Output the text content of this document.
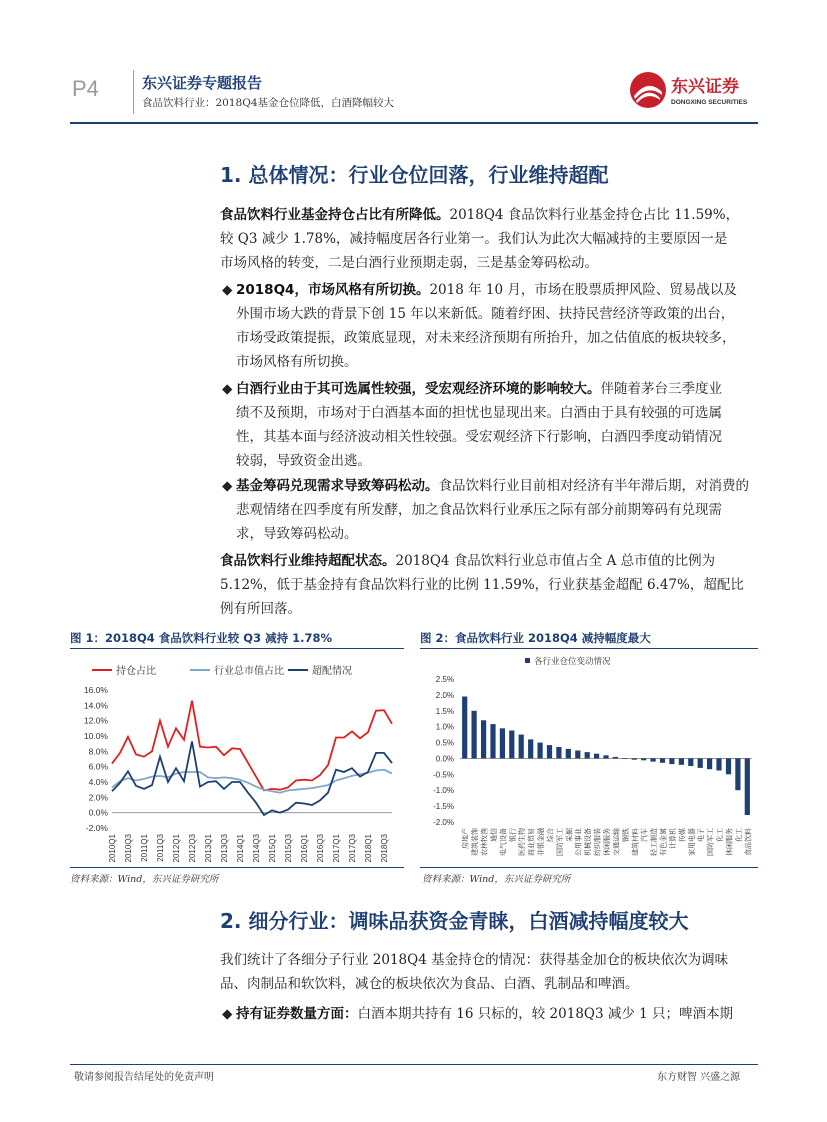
P4	东兴证券专题报告
食品饮料行业：2018Q4基金仓位降低，白酒降幅较大
东兴证券
DONGXING SECURITIES
1. 总体情况：行业仓位回落，行业维持超配
食品饮料行业基金持仓占比有所降低。2018Q4 食品饮料行业基金持仓占比 11.59%，
较 Q3 减少 1.78%，减持幅度居各行业第一。我们认为此次大幅减持的主要原因一是
市场风格的转变，二是白酒行业预期走弱，三是基金筹码松动。
◆ 2018Q4，市场风格有所切换。2018 年 10 月，市场在股票质押风险、贸易战以及
外围市场大跌的背景下创 15 年以来新低。随着纾困、扶持民营经济等政策的出台，
市场受政策提振，政策底显现，对未来经济预期有所抬升，加之估值底的板块较多，
市场风格有所切换。
◆ 白酒行业由于其可选属性较强，受宏观经济环境的影响较大。伴随着茅台三季度业
绩不及预期，市场对于白酒基本面的担忧也显现出来。白酒由于具有较强的可选属
性，其基本面与经济波动相关性较强。受宏观经济下行影响，白酒四季度动销情况
较弱，导致资金出逃。
◆ 基金筹码兑现需求导致筹码松动。食品饮料行业目前相对经济有半年滞后期，对消费的
悲观情绪在四季度有所发酵，加之食品饮料行业承压之际有部分前期筹码有兑现需
求，导致筹码松动。
食品饮料行业维持超配状态。2018Q4 食品饮料行业总市值占全 A 总市值的比例为
5.12%，低于基金持有食品饮料行业的比例 11.59%，行业获基金超配 6.47%，超配比
例有所回落。
图 1：2018Q4 食品饮料行业较 Q3 减持 1.78%
持仓占比	行业总市值占比	超配情况
16.0%
14.0%
12.0%
10.0%
8.0%
6.0%
4.0%
2.0%
0.0%
-2.0%
2010Q1 2010Q3 2011Q1 2011Q3 2012Q1 2012Q3 2013Q1 2013Q3 2014Q1 2014Q3 2015Q1 2015Q3 2016Q1 2016Q3 2017Q1 2017Q3 2018Q1 2018Q3
资料来源：Wind，东兴证券研究所
图 2：食品饮料行业 2018Q4 减持幅度最大
各行业仓位变动情况
2.5%
2.0%
1.5%
1.0%
0.5%
0.0%
-0.5%
-1.0%
-1.5%
-2.0%
房地产 建筑装饰 农林牧渔 通信 电气设备 银行 医药生物 商业贸易 非银金融 综合 国防军工 采掘 公用事业 机械设备 纺织服装 休闲服务 交通运输 钢铁 建筑材料 汽车 轻工制造 有色金属 计算机 传媒 家用电器 电子 国防军工 化工 休闲服务 化工 食品饮料
资料来源：Wind，东兴证券研究所
2. 细分行业：调味品获资金青睐，白酒减持幅度较大
我们统计了各细分子行业 2018Q4 基金持仓的情况：获得基金加仓的板块依次为调味
品、肉制品和软饮料，减仓的板块依次为食品、白酒、乳制品和啤酒。
◆ 持有证券数量方面：白酒本期共持有 16 只标的，较 2018Q3 减少 1 只；啤酒本期
敬请参阅报告结尾处的免责声明	东方财智 兴盛之源
